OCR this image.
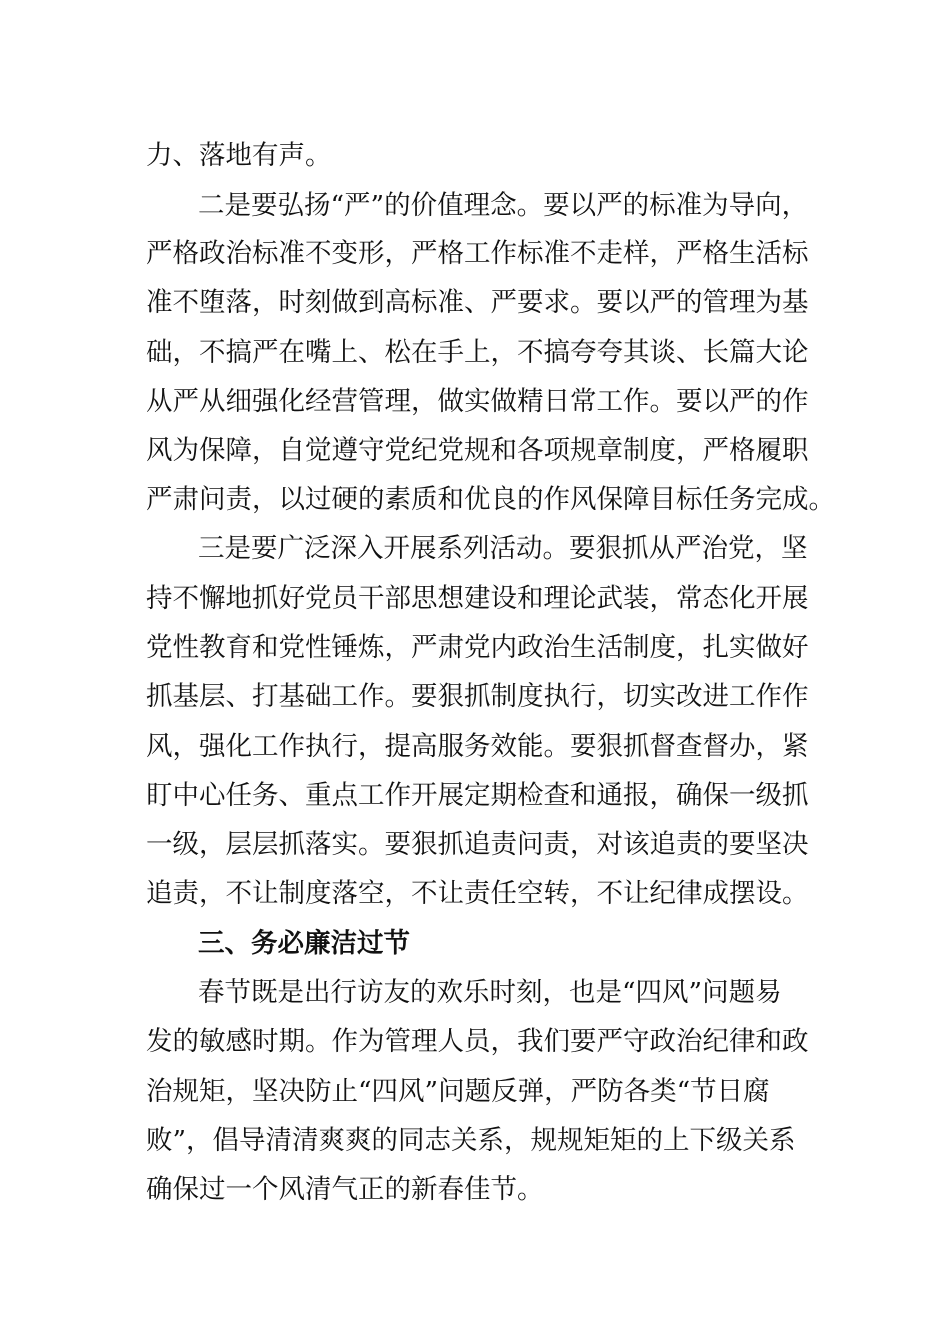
力、落地有声。
二是要弘扬“严”的价值理念。要以严的标准为导向，
严格政治标准不变形，严格工作标准不走样，严格生活标
准不堕落，时刻做到高标准、严要求。要以严的管理为基
础，不搞严在嘴上、松在手上，不搞夸夸其谈、长篇大论
从严从细强化经营管理，做实做精日常工作。要以严的作
风为保障，自觉遵守党纪党规和各项规章制度，严格履职
严肃问责，以过硬的素质和优良的作风保障目标任务完成。
三是要广泛深入开展系列活动。要狠抓从严治党，坚
持不懈地抓好党员干部思想建设和理论武装，常态化开展
党性教育和党性锤炼，严肃党内政治生活制度，扎实做好
抓基层、打基础工作。要狠抓制度执行，切实改进工作作
风，强化工作执行，提高服务效能。要狠抓督查督办，紧
盯中心任务、重点工作开展定期检查和通报，确保一级抓
一级，层层抓落实。要狠抓追责问责，对该追责的要坚决
追责，不让制度落空，不让责任空转，不让纪律成摆设。
三、务必廉洁过节
春节既是出行访友的欢乐时刻，也是“四风”问题易
发的敏感时期。作为管理人员，我们要严守政治纪律和政
治规矩，坚决防止“四风”问题反弹，严防各类“节日腐
败”，倡导清清爽爽的同志关系，规规矩矩的上下级关系
确保过一个风清气正的新春佳节。
